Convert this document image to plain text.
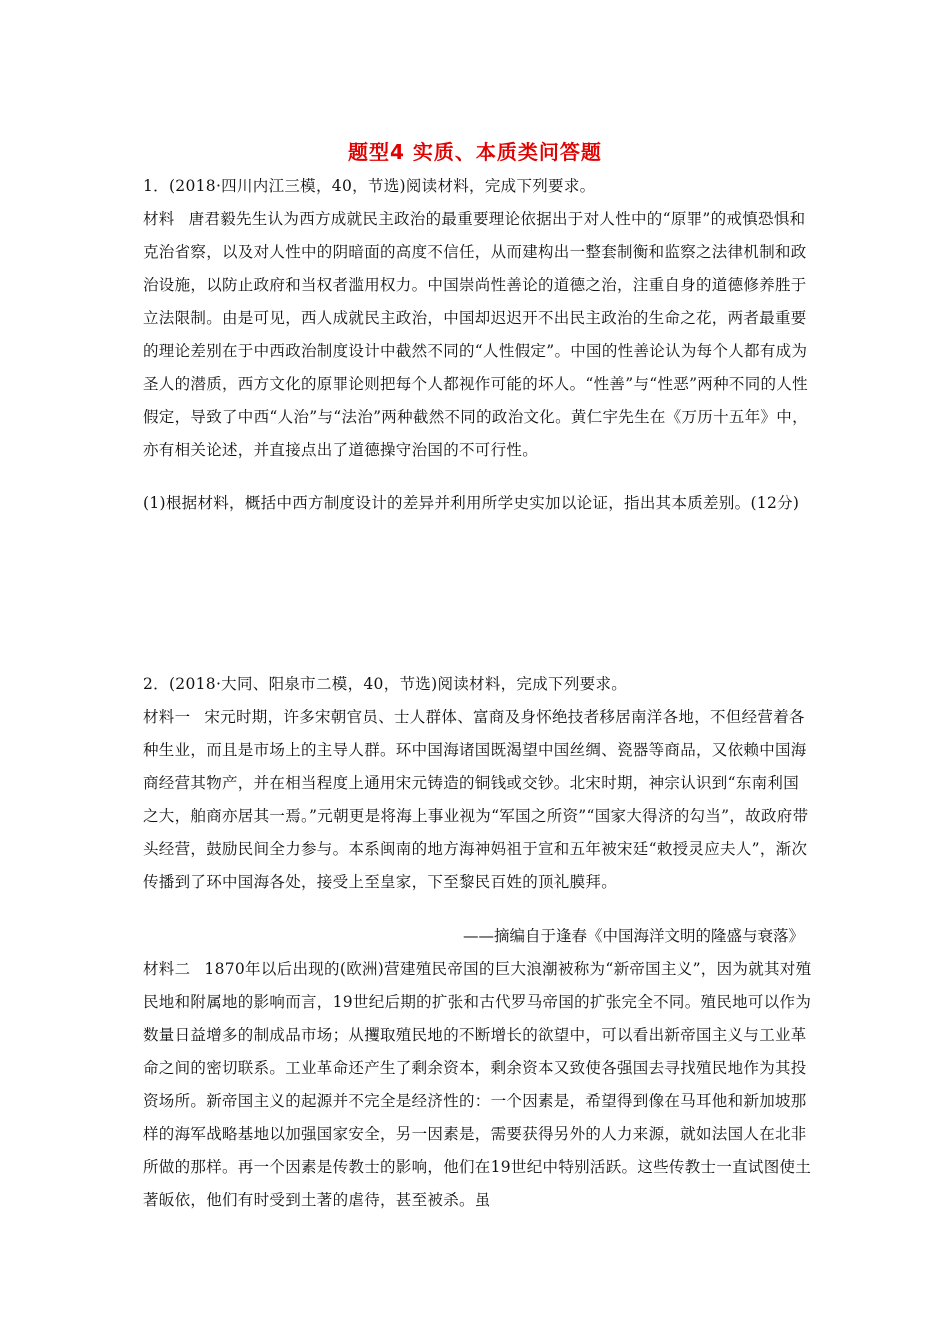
题型4 实质、本质类问答题

1．(2018·四川内江三模，40，节选)阅读材料，完成下列要求。

材料 唐君毅先生认为西方成就民主政治的最重要理论依据出于对人性中的“原罪”的戒慎恐惧和克治省察，以及对人性中的阴暗面的高度不信任，从而建构出一整套制衡和监察之法律机制和政治设施，以防止政府和当权者滥用权力。中国崇尚性善论的道德之治，注重自身的道德修养胜于立法限制。由是可见，西人成就民主政治，中国却迟迟开不出民主政治的生命之花，两者最重要的理论差别在于中西政治制度设计中截然不同的“人性假定”。中国的性善论认为每个人都有成为圣人的潜质，西方文化的原罪论则把每个人都视作可能的坏人。“性善”与“性恶”两种不同的人性假定，导致了中西“人治”与“法治”两种截然不同的政治文化。黄仁宇先生在《万历十五年》中，亦有相关论述，并直接点出了道德操守治国的不可行性。

(1)根据材料，概括中西方制度设计的差异并利用所学史实加以论证，指出其本质差别。(12分)

2．(2018·大同、阳泉市二模，40，节选)阅读材料，完成下列要求。

材料一 宋元时期，许多宋朝官员、士人群体、富商及身怀绝技者移居南洋各地，不但经营着各种生业，而且是市场上的主导人群。环中国海诸国既渴望中国丝绸、瓷器等商品，又依赖中国海商经营其物产，并在相当程度上通用宋元铸造的铜钱或交钞。北宋时期，神宗认识到“东南利国之大，舶商亦居其一焉。”元朝更是将海上事业视为“军国之所资”“国家大得济的勾当”，故政府带头经营，鼓励民间全力参与。本系闽南的地方海神妈祖于宣和五年被宋廷“敕授灵应夫人”，渐次传播到了环中国海各处，接受上至皇家，下至黎民百姓的顶礼膜拜。

——摘编自于逢春《中国海洋文明的隆盛与衰落》

材料二 1870年以后出现的(欧洲)营建殖民帝国的巨大浪潮被称为“新帝国主义”，因为就其对殖民地和附属地的影响而言，19世纪后期的扩张和古代罗马帝国的扩张完全不同。殖民地可以作为数量日益增多的制成品市场；从攫取殖民地的不断增长的欲望中，可以看出新帝国主义与工业革命之间的密切联系。工业革命还产生了剩余资本，剩余资本又致使各强国去寻找殖民地作为其投资场所。新帝国主义的起源并不完全是经济性的：一个因素是，希望得到像在马耳他和新加坡那样的海军战略基地以加强国家安全，另一因素是，需要获得另外的人力来源，就如法国人在北非所做的那样。再一个因素是传教士的影响，他们在19世纪中特别活跃。这些传教士一直试图使土著皈依，他们有时受到土著的虐待，甚至被杀。虽
